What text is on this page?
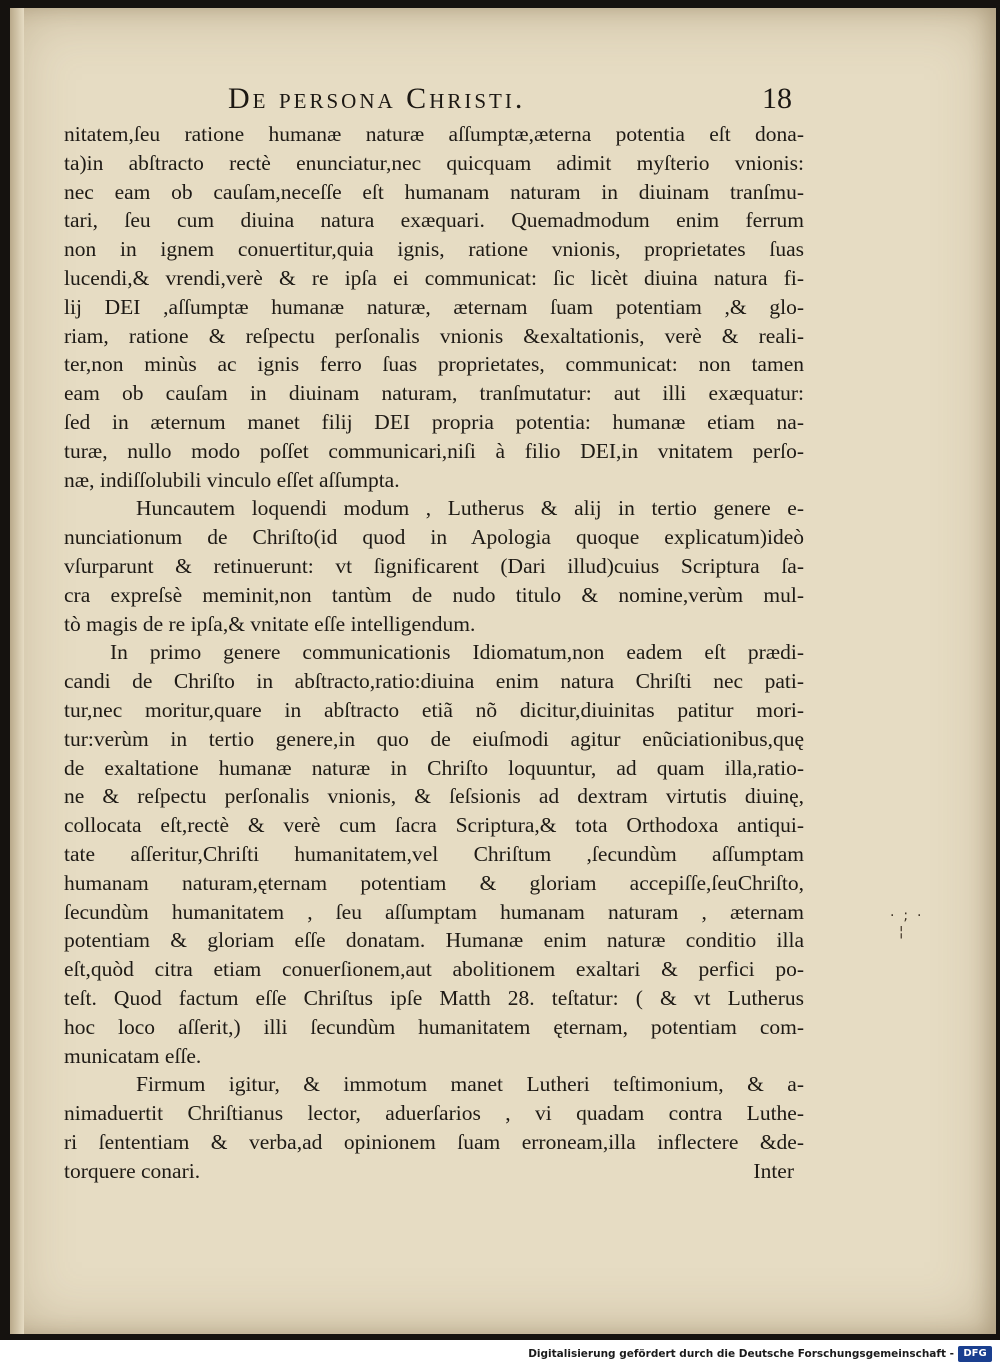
De persona Christi.	18
nitatem,ſeu ratione humanæ naturæ aſſumptæ,æterna potentia eſt dona-
ta)in abſtracto rectè enunciatur,nec quicquam adimit myſterio vnionis:
nec eam ob cauſam,neceſſe eſt humanam naturam in diuinam tranſmu-
tari, ſeu cum diuina natura exæquari. Quemadmodum enim ferrum
non in ignem conuertitur,quia ignis, ratione vnionis, proprietates ſuas
lucendi,& vrendi,verè & re ipſa ei communicat: ſic licèt diuina natura fi-
lij DEI ,aſſumptæ humanæ naturæ, æternam ſuam potentiam ,& glo-
riam, ratione & reſpectu perſonalis vnionis &exaltationis, verè & reali-
ter,non minùs ac ignis ferro ſuas proprietates, communicat: non tamen
eam ob cauſam in diuinam naturam, tranſmutatur: aut illi exæquatur:
ſed in æternum manet filij DEI propria potentia: humanæ etiam na-
turæ, nullo modo poſſet communicari,niſi à filio DEI,in vnitatem perſo-
næ, indiſſolubili vinculo eſſet aſſumpta.
Huncautem loquendi modum , Lutherus & alij in tertio genere e-
nunciationum de Chriſto(id quod in Apologia quoque explicatum)ideò
vſurparunt & retinuerunt: vt ſignificarent (Dari illud)cuius Scriptura ſa-
cra expreſsè meminit,non tantùm de nudo titulo & nomine,verùm mul-
tò magis de re ipſa,& vnitate eſſe intelligendum.
In primo genere communicationis Idiomatum,non eadem eſt prædi-
candi de Chriſto in abſtracto,ratio:diuina enim natura Chriſti nec pati-
tur,nec moritur,quare in abſtracto etiã nõ dicitur,diuinitas patitur mori-
tur:verùm in tertio genere,in quo de eiuſmodi agitur enũciationibus,quę
de exaltatione humanæ naturæ in Chriſto loquuntur, ad quam illa,ratio-
ne & reſpectu perſonalis vnionis, & ſeſsionis ad dextram virtutis diuinę,
collocata eſt,rectè & verè cum ſacra Scriptura,& tota Orthodoxa antiqui-
tate aſſeritur,Chriſti humanitatem,vel Chriſtum ,ſecundùm aſſumptam
humanam naturam,ęternam potentiam & gloriam accepiſſe,ſeuChriſto,
ſecundùm humanitatem , ſeu aſſumptam humanam naturam , æternam
potentiam & gloriam eſſe donatam. Humanæ enim naturæ conditio illa
eſt,quòd citra etiam conuerſionem,aut abolitionem exaltari & perfici po-
teſt. Quod factum eſſe Chriſtus ipſe Matth 28. teſtatur: ( & vt Lutherus
hoc loco aſſerit,) illi ſecundùm humanitatem ęternam, potentiam com-
municatam eſſe.
Firmum igitur, & immotum manet Lutheri teſtimonium, & a-
nimaduertit Chriſtianus lector, aduerſarios , vi quadam contra Luthe-
ri ſententiam & verba,ad opinionem ſuam erroneam,illa inflectere &de-
torquere conari.	Inter
·  ;  ·
¦
Digitalisierung gefördert durch die Deutsche Forschungsgemeinschaft - DFG
